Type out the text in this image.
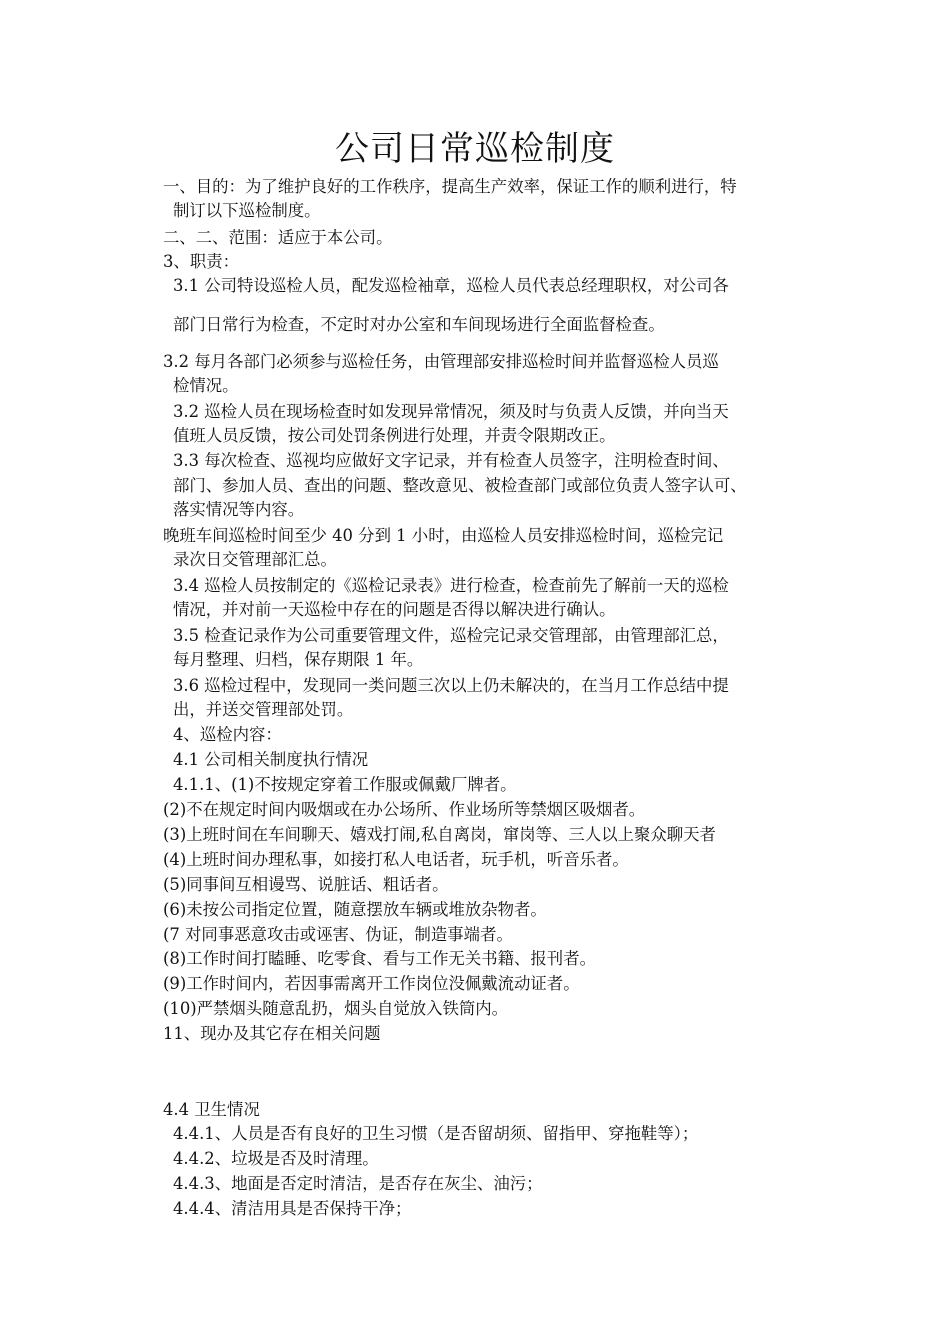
公司日常巡检制度

一、目的：为了维护良好的工作秩序，提高生产效率，保证工作的顺利进行，特

制订以下巡检制度。

二、二、范围：适应于本公司。

3、职责：

3.1 公司特设巡检人员，配发巡检袖章，巡检人员代表总经理职权，对公司各

部门日常行为检查，不定时对办公室和车间现场进行全面监督检查。

3.2 每月各部门必须参与巡检任务，由管理部安排巡检时间并监督巡检人员巡

检情况。

3.2 巡检人员在现场检查时如发现异常情况，须及时与负责人反馈，并向当天

值班人员反馈，按公司处罚条例进行处理，并责令限期改正。

3.3 每次检查、巡视均应做好文字记录，并有检查人员签字，注明检查时间、

部门、参加人员、查出的问题、整改意见、被检查部门或部位负责人签字认可、

落实情况等内容。

晚班车间巡检时间至少 40 分到 1 小时，由巡检人员安排巡检时间，巡检完记

录次日交管理部汇总。

3.4 巡检人员按制定的《巡检记录表》进行检查，检查前先了解前一天的巡检

情况，并对前一天巡检中存在的问题是否得以解决进行确认。

3.5 检查记录作为公司重要管理文件，巡检完记录交管理部，由管理部汇总，

每月整理、归档，保存期限 1 年。

3.6 巡检过程中，发现同一类问题三次以上仍未解决的，在当月工作总结中提

出，并送交管理部处罚。

4、巡检内容：

4.1 公司相关制度执行情况

4.1.1、(1)不按规定穿着工作服或佩戴厂牌者。

(2)不在规定时间内吸烟或在办公场所、作业场所等禁烟区吸烟者。

(3)上班时间在车间聊天、嬉戏打闹,私自离岗，窜岗等、三人以上聚众聊天者

(4)上班时间办理私事，如接打私人电话者，玩手机，听音乐者。

(5)同事间互相谩骂、说脏话、粗话者。

(6)未按公司指定位置，随意摆放车辆或堆放杂物者。

(7 对同事恶意攻击或诬害、伪证，制造事端者。

(8)工作时间打瞌睡、吃零食、看与工作无关书籍、报刊者。

(9)工作时间内，若因事需离开工作岗位没佩戴流动证者。

(10)严禁烟头随意乱扔，烟头自觉放入铁筒内。

11、现办及其它存在相关问题

4.4 卫生情况

4.4.1、人员是否有良好的卫生习惯（是否留胡须、留指甲、穿拖鞋等）；

4.4.2、垃圾是否及时清理。

4.4.3、地面是否定时清洁，是否存在灰尘、油污；

4.4.4、清洁用具是否保持干净；
